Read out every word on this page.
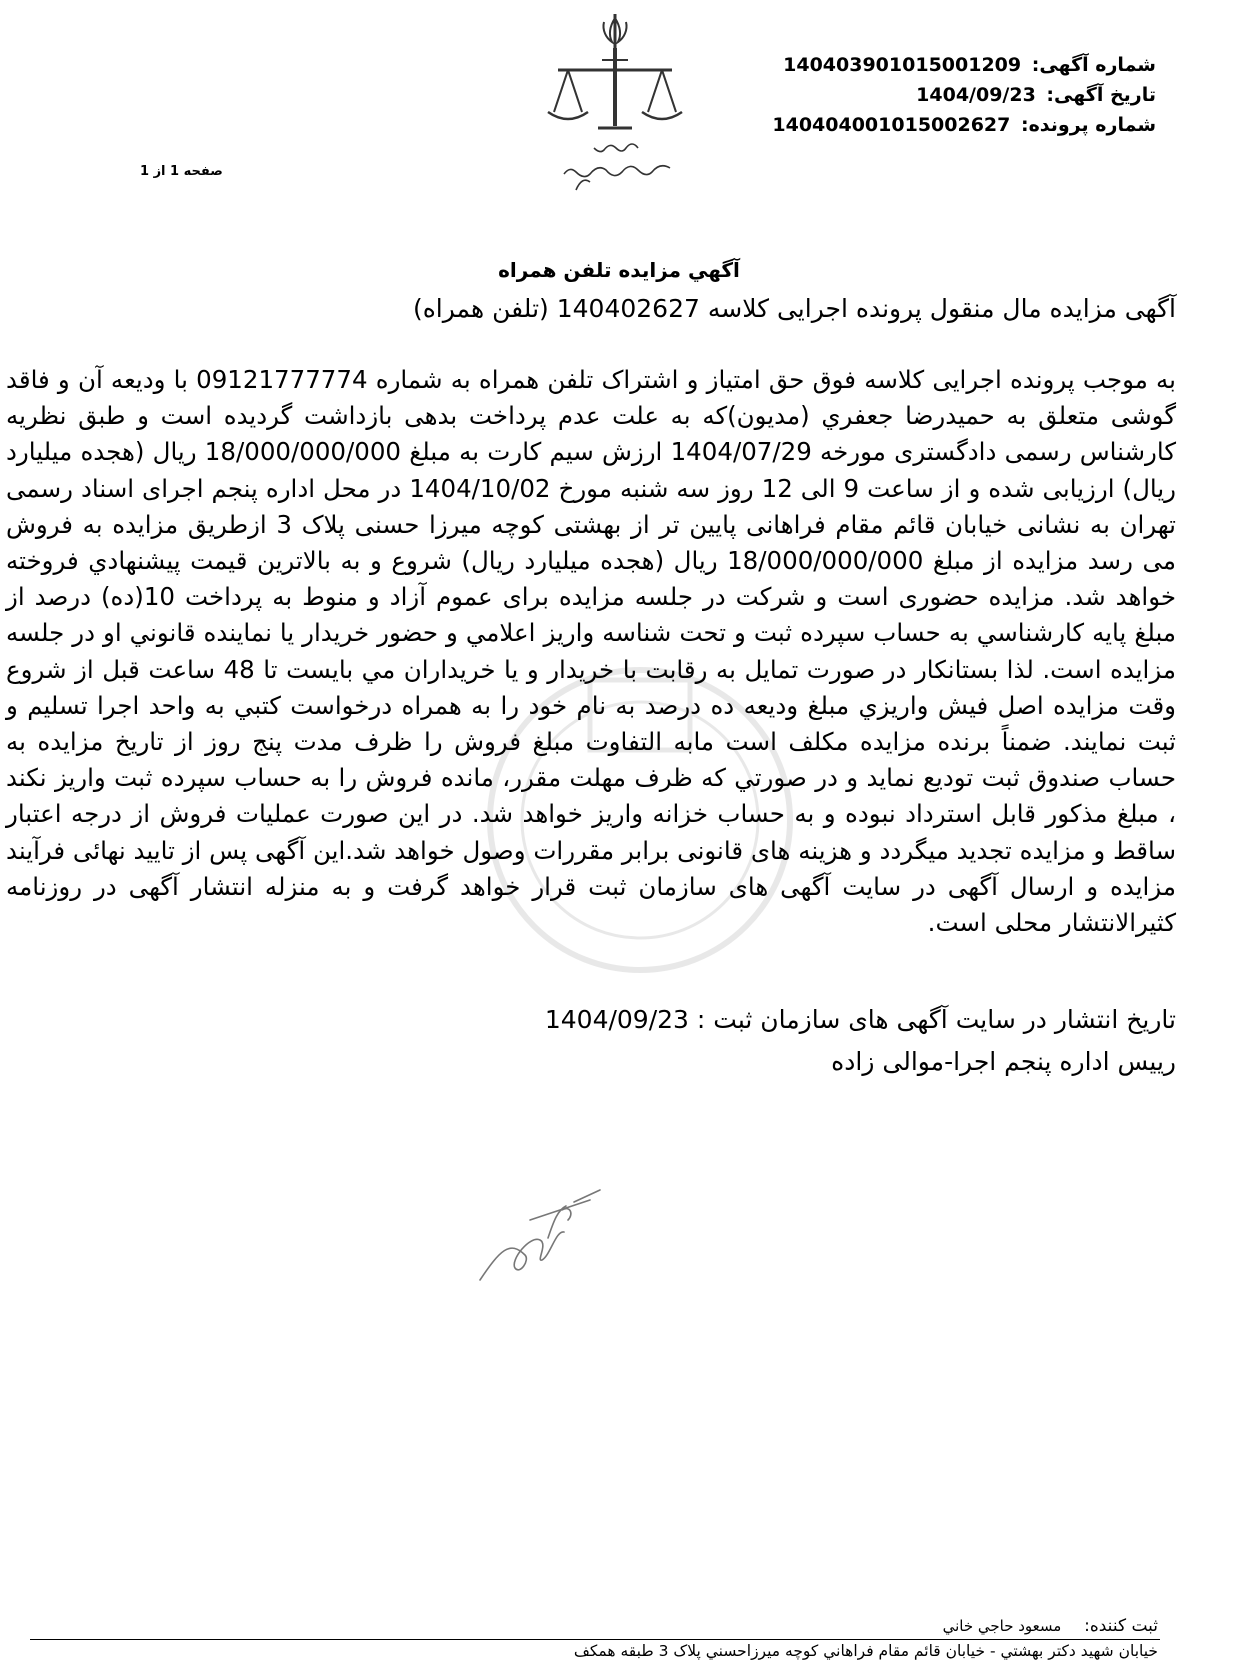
شماره آگهی: 140403901015001209
تاریخ آگهی: 1404/09/23
شماره پرونده: 140404001015002627
صفحه 1 از 1
آگهي مزايده تلفن همراه
آگهی مزایده مال منقول پرونده اجرایی کلاسه 140402627 (تلفن همراه)

به موجب پرونده اجرایی کلاسه فوق حق امتیاز و اشتراک تلفن همراه به شماره 09121777774 با ودیعه آن و فاقد گوشی متعلق به حمیدرضا جعفري (مدیون)که به علت عدم پرداخت بدهی بازداشت گردیده است و طبق نظریه کارشناس رسمی دادگستری مورخه 1404/07/29 ارزش سیم کارت به مبلغ 18/000/000/000 ریال (هجده میلیارد ریال) ارزیابی شده و از ساعت 9 الی 12 روز سه شنبه مورخ 1404/10/02 در محل اداره پنجم اجرای اسناد رسمی تهران به نشانی خیابان قائم مقام فراهانی پایین تر از بهشتی کوچه میرزا حسنی پلاک 3 ازطریق مزایده به فروش می رسد مزایده از مبلغ 18/000/000/000 ریال (هجده میلیارد ریال) شروع و به بالاترین قیمت پیشنهادي فروخته خواهد شد. مزایده حضوری است و شرکت در جلسه مزایده برای عموم آزاد و منوط به پرداخت 10(ده) درصد از مبلغ پایه کارشناسي به حساب سپرده ثبت و تحت شناسه واریز اعلامي و حضور خریدار یا نماینده قانوني او در جلسه مزایده است. لذا بستانکار در صورت تمایل به رقابت با خریدار و یا خریداران مي بایست تا 48 ساعت قبل از شروع وقت مزایده اصل فیش واریزي مبلغ ودیعه ده درصد به نام خود را به همراه درخواست کتبي به واحد اجرا تسلیم و ثبت نمایند. ضمناً برنده مزایده مکلف است مابه التفاوت مبلغ فروش را ظرف مدت پنج روز از تاریخ مزایده به حساب صندوق ثبت تودیع نماید و در صورتي که ظرف مهلت مقرر، مانده فروش را به حساب سپرده ثبت واریز نکند ، مبلغ مذکور قابل استرداد نبوده و به حساب خزانه واریز خواهد شد. در این صورت عملیات فروش از درجه اعتبار ساقط و مزایده تجدید میگردد و هزینه های قانونی برابر مقررات وصول خواهد شد.این آگهی پس از تایید نهائی فرآیند مزایده و ارسال آگهی در سایت آگهی های سازمان ثبت قرار خواهد گرفت و به منزله انتشار آگهی در روزنامه کثیرالانتشار محلی است.

تاریخ انتشار در سایت آگهی های سازمان ثبت : 1404/09/23
رییس اداره پنجم اجرا-موالی زاده
ثبت کننده: مسعود حاجي خاني
خیابان شهید دکتر بهشتي - خیابان قائم مقام فراهاني کوچه میرزاحسني پلاک 3 طبقه همکف
